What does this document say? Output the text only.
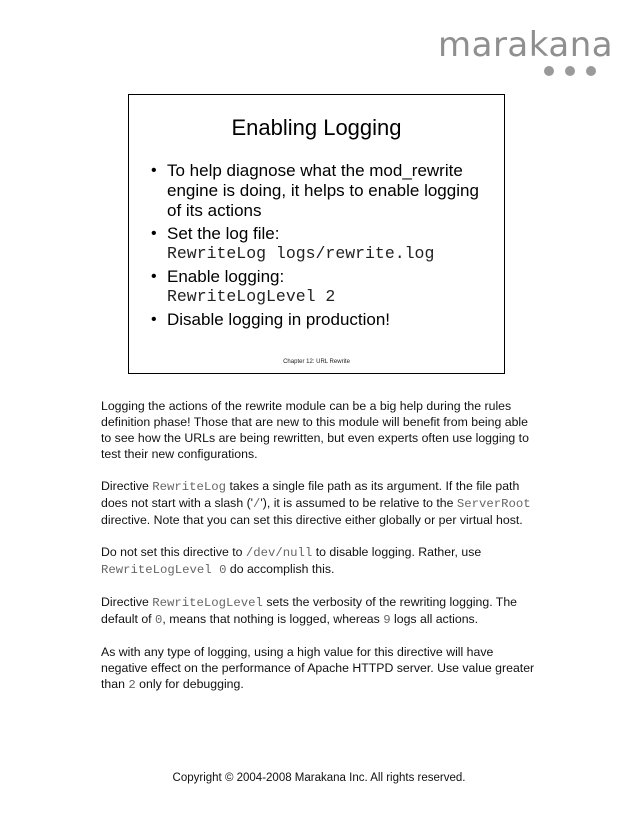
marakana
Enabling Logging
• To help diagnose what the mod_rewrite engine is doing, it helps to enable logging of its actions
• Set the log file:
RewriteLog logs/rewrite.log
• Enable logging:
RewriteLogLevel 2
• Disable logging in production!
Chapter 12: URL Rewrite

Logging the actions of the rewrite module can be a big help during the rules definition phase! Those that are new to this module will benefit from being able to see how the URLs are being rewritten, but even experts often use logging to test their new configurations.

Directive RewriteLog takes a single file path as its argument. If the file path does not start with a slash ('/'), it is assumed to be relative to the ServerRoot directive. Note that you can set this directive either globally or per virtual host.

Do not set this directive to /dev/null to disable logging. Rather, use RewriteLogLevel 0 do accomplish this.

Directive RewriteLogLevel sets the verbosity of the rewriting logging. The default of 0, means that nothing is logged, whereas 9 logs all actions.

As with any type of logging, using a high value for this directive will have negative effect on the performance of Apache HTTPD server. Use value greater than 2 only for debugging.

Copyright © 2004-2008 Marakana Inc. All rights reserved.
